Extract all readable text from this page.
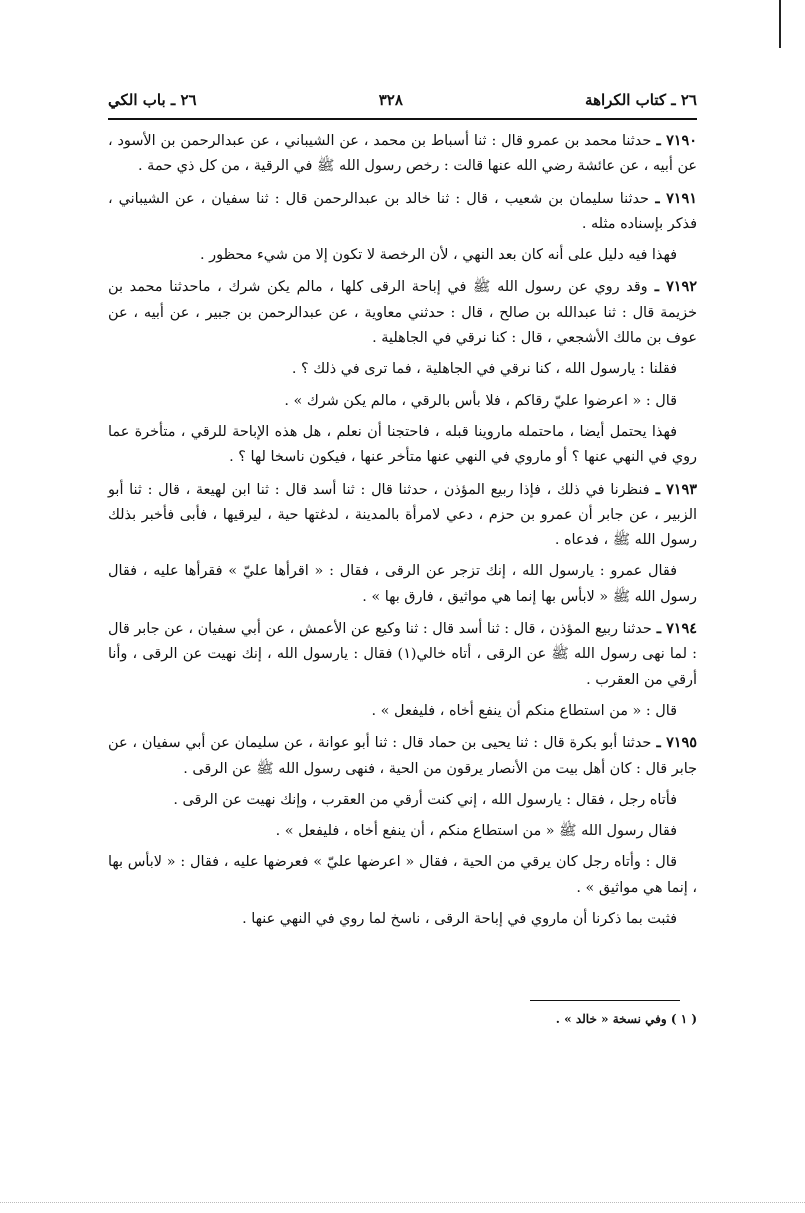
٢٦ ـ كتاب الكراهة
٣٢٨
٢٦ ـ باب الكي

٧١٩٠ ـ حدثنا محمد بن عمرو قال : ثنا أسباط بن محمد ، عن الشيباني ، عن عبدالرحمن بن الأسود ، عن أبيه ، عن عائشة رضي الله عنها قالت : رخص رسول الله ﷺ في الرقية ، من كل ذي حمة .

٧١٩١ ـ حدثنا سليمان بن شعيب ، قال : ثنا خالد بن عبدالرحمن قال : ثنا سفيان ، عن الشيباني ، فذكر بإسناده مثله .

فهذا فيه دليل على أنه كان بعد النهي ، لأن الرخصة لا تكون إلا من شيء محظور .

٧١٩٢ ـ وقد روي عن رسول الله ﷺ في إباحة الرقى كلها ، مالم يكن شرك ، ماحدثنا محمد بن خزيمة قال : ثنا عبدالله بن صالح ، قال : حدثني معاوية ، عن عبدالرحمن بن جبير ، عن أبيه ، عن عوف بن مالك الأشجعي ، قال : كنا نرقي في الجاهلية .

فقلنا : يارسول الله ، كنا نرقي في الجاهلية ، فما ترى في ذلك ؟ .

قال : « اعرضوا عليّ رقاكم ، فلا بأس بالرقي ، مالم يكن شرك » .

فهذا يحتمل أيضا ، ماحتمله ماروينا قبله ، فاحتجنا أن نعلم ، هل هذه الإباحة للرقي ، متأخرة عما روي في النهي عنها ؟ أو ماروي في النهي عنها متأخر عنها ، فيكون ناسخا لها ؟ .

٧١٩٣ ـ فنظرنا في ذلك ، فإذا ربيع المؤذن ، حدثنا قال : ثنا أسد قال : ثنا ابن لهيعة ، قال : ثنا أبو الزبير ، عن جابر أن عمرو بن حزم ، دعي لامرأة بالمدينة ، لدغتها حية ، ليرقيها ، فأبى فأخبر بذلك رسول الله ﷺ ، فدعاه .

فقال عمرو : يارسول الله ، إنك تزجر عن الرقى ، فقال : « اقرأها عليّ » فقرأها عليه ، فقال رسول الله ﷺ « لابأس بها إنما هي مواثيق ، فارق بها » .

٧١٩٤ ـ حدثنا ربيع المؤذن ، قال : ثنا أسد قال : ثنا وكيع عن الأعمش ، عن أبي سفيان ، عن جابر قال : لما نهى رسول الله ﷺ عن الرقى ، أتاه خالي(١) فقال : يارسول الله ، إنك نهيت عن الرقى ، وأنا أرقي من العقرب .

قال : « من استطاع منكم أن ينفع أخاه ، فليفعل » .

٧١٩٥ ـ حدثنا أبو بكرة قال : ثنا يحيى بن حماد قال : ثنا أبو عوانة ، عن سليمان عن أبي سفيان ، عن جابر قال : كان أهل بيت من الأنصار يرقون من الحية ، فنهى رسول الله ﷺ عن الرقى .

فأتاه رجل ، فقال : يارسول الله ، إني كنت أرقي من العقرب ، وإنك نهيت عن الرقى .

فقال رسول الله ﷺ « من استطاع منكم ، أن ينفع أخاه ، فليفعل » .

قال : وأتاه رجل كان يرقي من الحية ، فقال « اعرضها عليّ » فعرضها عليه ، فقال : « لابأس بها ، إنما هي مواثيق » .

فثبت بما ذكرنا أن ماروي في إباحة الرقى ، ناسخ لما روي في النهي عنها .

( ١ ) وفي نسخة « خالد » .
